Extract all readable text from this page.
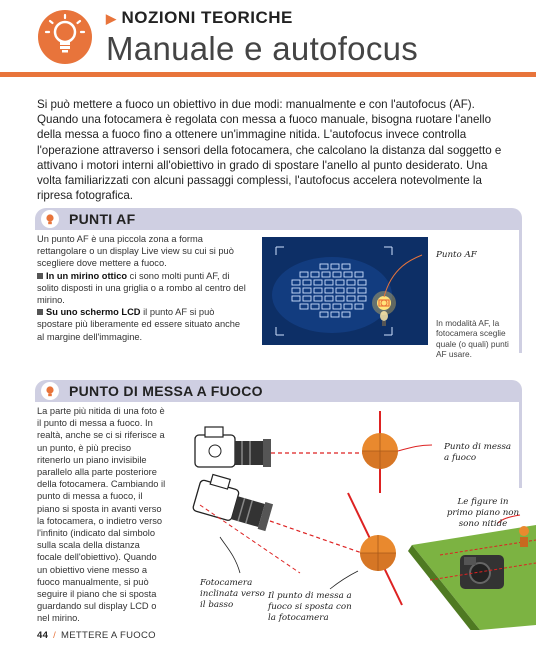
▶ NOZIONI TEORICHE
Manuale e autofocus
Si può mettere a fuoco un obiettivo in due modi: manualmente e con l'autofocus (AF). Quando una fotocamera è regolata con messa a fuoco manuale, bisogna ruotare l'anello della messa a fuoco fino a ottenere un'immagine nitida. L'autofocus invece controlla l'operazione attraverso i sensori della fotocamera, che calcolano la distanza dal soggetto e attivano i motori interni all'obiettivo in grado di spostare l'anello al punto desiderato. Una volta familiarizzati con alcuni passaggi complessi, l'autofocus accelera notevolmente la ripresa fotografica.
PUNTI AF
Un punto AF è una piccola zona a forma rettangolare o un display Live view su cui si può scegliere dove mettere a fuoco.
In un mirino ottico ci sono molti punti AF, di solito disposti in una griglia o a rombo al centro del mirino.
Su uno schermo LCD il punto AF si può spostare più liberamente ed essere situato anche al margine dell'immagine.
Punto AF
In modalità AF, la fotocamera sceglie quale (o quali) punti AF usare.
PUNTO DI MESSA A FUOCO
La parte più nitida di una foto è il punto di messa a fuoco. In realtà, anche se ci si riferisce a un punto, è più preciso ritenerlo un piano invisibile parallelo alla parte posteriore della fotocamera. Cambiando il punto di messa a fuoco, il piano si sposta in avanti verso la fotocamera, o indietro verso l'infinito (indicato dal simbolo sulla scala della distanza focale dell'obiettivo). Quando un obiettivo viene messo a fuoco manualmente, si può seguire il piano che si sposta guardando sul display LCD o nel mirino.
Punto di messa a fuoco
Le figure in primo piano non sono nitide
Fotocamera inclinata verso il basso
Il punto di messa a fuoco si sposta con la fotocamera
44 / METTERE A FUOCO
